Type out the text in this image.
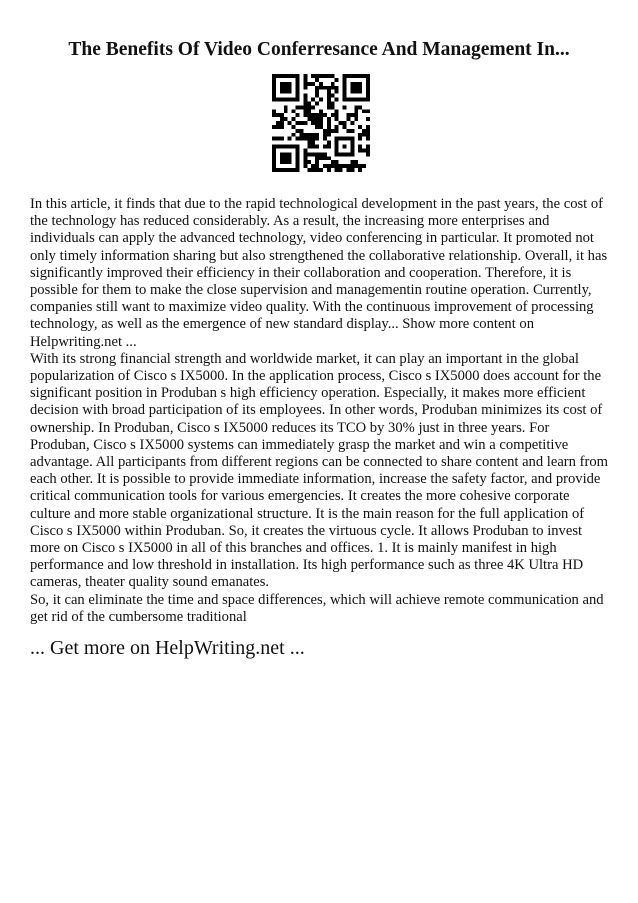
The Benefits Of Video Conferresance And Management In...

In this article, it finds that due to the rapid technological development in the past years, the cost of the technology has reduced considerably. As a result, the increasing more enterprises and individuals can apply the advanced technology, video conferencing in particular. It promoted not only timely information sharing but also strengthened the collaborative relationship. Overall, it has significantly improved their efficiency in their collaboration and cooperation. Therefore, it is possible for them to make the close supervision and managementin routine operation. Currently, companies still want to maximize video quality. With the continuous improvement of processing technology, as well as the emergence of new standard display... Show more content on Helpwriting.net ...

With its strong financial strength and worldwide market, it can play an important in the global popularization of Cisco s IX5000. In the application process, Cisco s IX5000 does account for the significant position in Produban s high efficiency operation. Especially, it makes more efficient decision with broad participation of its employees. In other words, Produban minimizes its cost of ownership. In Produban, Cisco s IX5000 reduces its TCO by 30% just in three years. For Produban, Cisco s IX5000 systems can immediately grasp the market and win a competitive advantage. All participants from different regions can be connected to share content and learn from each other. It is possible to provide immediate information, increase the safety factor, and provide critical communication tools for various emergencies. It creates the more cohesive corporate culture and more stable organizational structure. It is the main reason for the full application of Cisco s IX5000 within Produban. So, it creates the virtuous cycle. It allows Produban to invest more on Cisco s IX5000 in all of this branches and offices. 1. It is mainly manifest in high performance and low threshold in installation. Its high performance such as three 4K Ultra HD cameras, theater quality sound emanates.

So, it can eliminate the time and space differences, which will achieve remote communication and get rid of the cumbersome traditional

... Get more on HelpWriting.net ...
